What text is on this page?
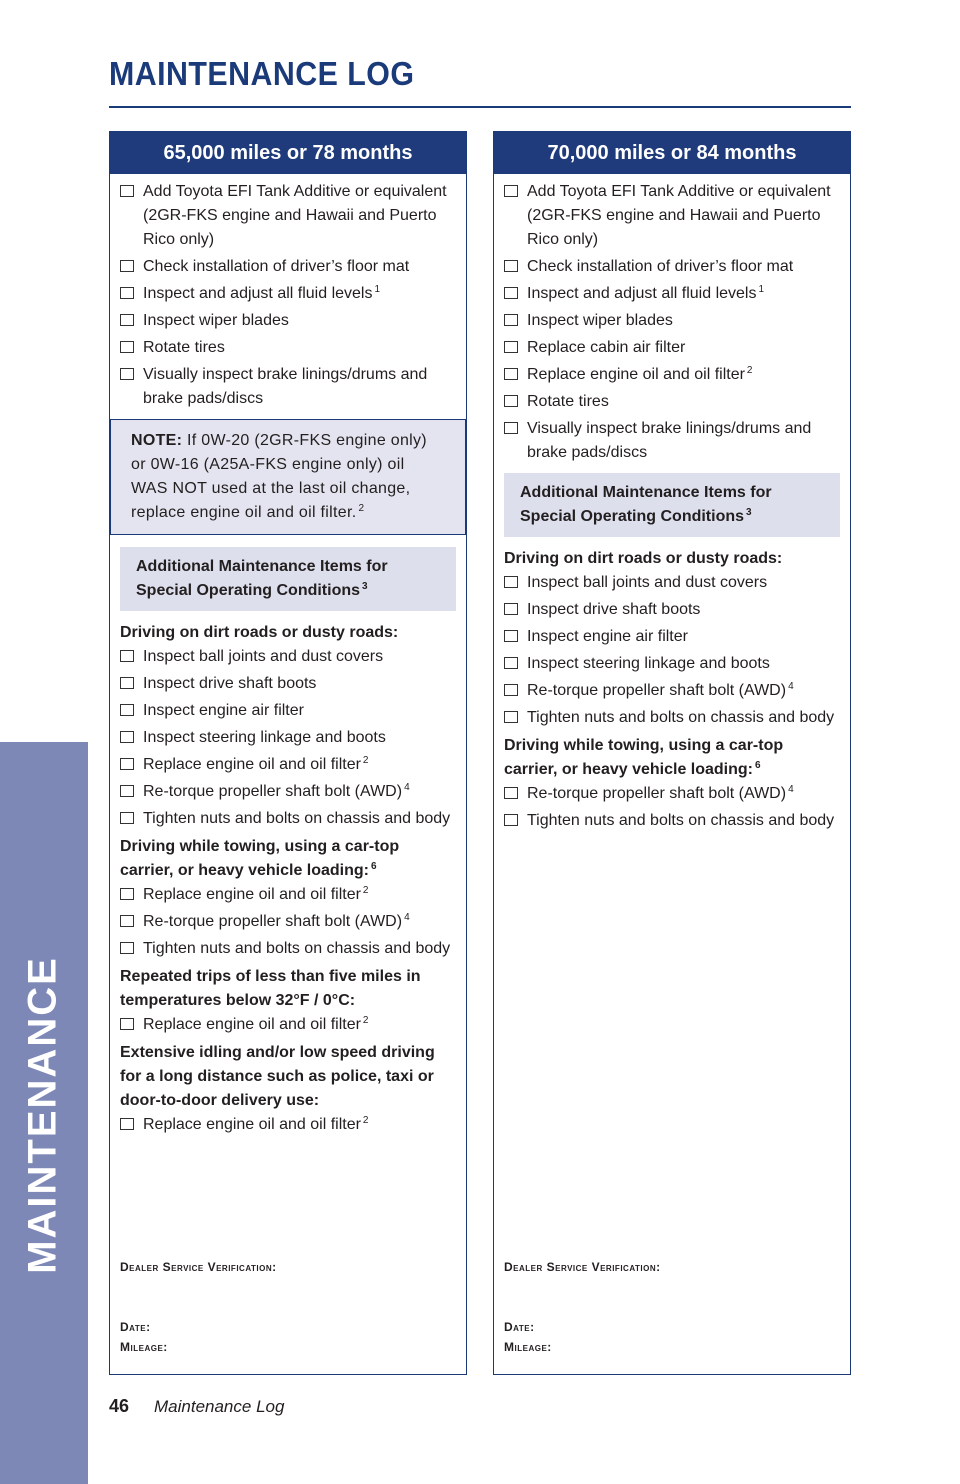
MAINTENANCE
MAINTENANCE LOG
65,000 miles or 78 months
Add Toyota EFI Tank Additive or equivalent (2GR-FKS engine and Hawaii and Puerto Rico only)
Check installation of driver’s floor mat
Inspect and adjust all fluid levels $^1$
Inspect wiper blades
Rotate tires
Visually inspect brake linings/drums and brake pads/discs
NOTE: If 0W-20 (2GR-FKS engine only) or 0W-16 (A25A-FKS engine only) oil WAS NOT used at the last oil change, replace engine oil and oil filter. $^2$
Additional Maintenance Items for Special Operating Conditions $^3$
Driving on dirt roads or dusty roads:
Inspect ball joints and dust covers
Inspect drive shaft boots
Inspect engine air filter
Inspect steering linkage and boots
Replace engine oil and oil filter $^2$
Re-torque propeller shaft bolt (AWD) $^4$
Tighten nuts and bolts on chassis and body
Driving while towing, using a car-top carrier, or heavy vehicle loading: $^6$
Replace engine oil and oil filter $^2$
Re-torque propeller shaft bolt (AWD) $^4$
Tighten nuts and bolts on chassis and body
Repeated trips of less than five miles in temperatures below 32°F / 0°C:
Replace engine oil and oil filter $^2$
Extensive idling and/or low speed driving for a long distance such as police, taxi or door-to-door delivery use:
Replace engine oil and oil filter $^2$
Dealer Service Verification:
Date:
Mileage:
70,000 miles or 84 months
Add Toyota EFI Tank Additive or equivalent (2GR-FKS engine and Hawaii and Puerto Rico only)
Check installation of driver’s floor mat
Inspect and adjust all fluid levels $^1$
Inspect wiper blades
Replace cabin air filter
Replace engine oil and oil filter $^2$
Rotate tires
Visually inspect brake linings/drums and brake pads/discs
Additional Maintenance Items for Special Operating Conditions $^3$
Driving on dirt roads or dusty roads:
Inspect ball joints and dust covers
Inspect drive shaft boots
Inspect engine air filter
Inspect steering linkage and boots
Re-torque propeller shaft bolt (AWD) $^4$
Tighten nuts and bolts on chassis and body
Driving while towing, using a car-top carrier, or heavy vehicle loading: $^6$
Re-torque propeller shaft bolt (AWD) $^4$
Tighten nuts and bolts on chassis and body
Dealer Service Verification:
Date:
Mileage:
46 Maintenance Log
